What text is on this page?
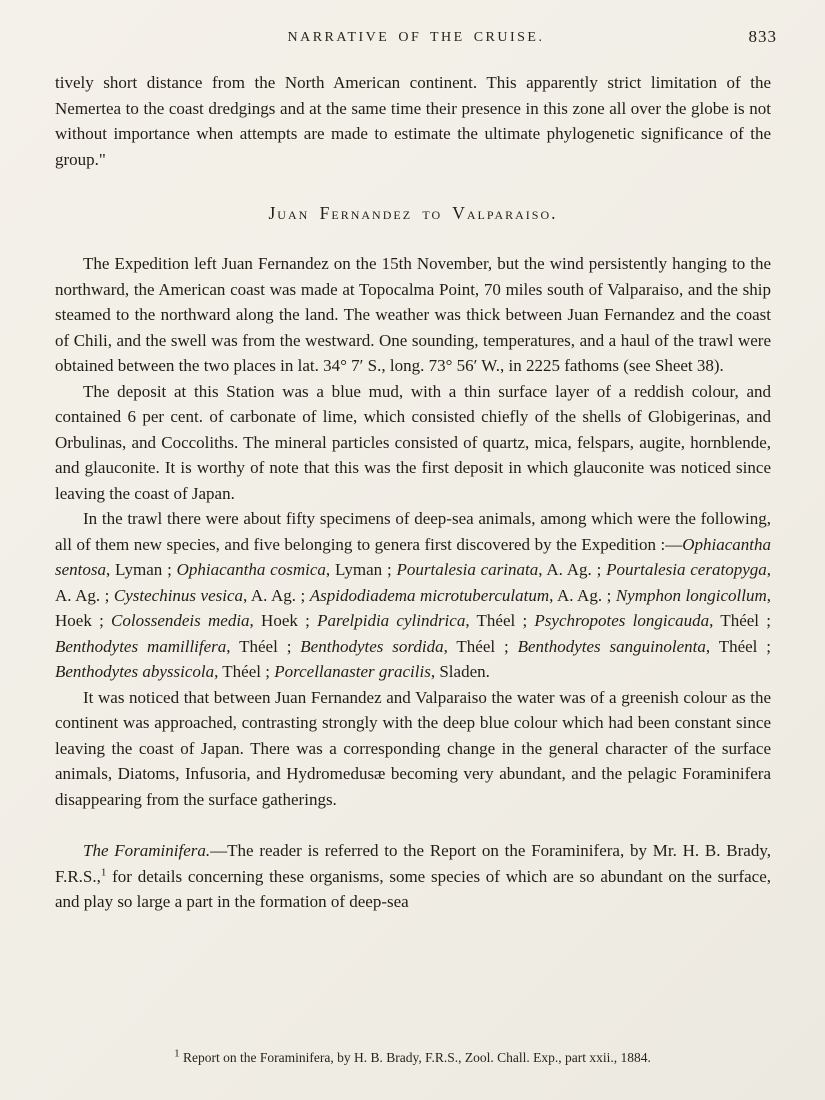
NARRATIVE OF THE CRUISE.	833

tively short distance from the North American continent. This apparently strict limitation of the Nemertea to the coast dredgings and at the same time their presence in this zone all over the globe is not without importance when attempts are made to estimate the ultimate phylogenetic significance of the group."

Juan Fernandez to Valparaiso.

The Expedition left Juan Fernandez on the 15th November, but the wind persistently hanging to the northward, the American coast was made at Topocalma Point, 70 miles south of Valparaiso, and the ship steamed to the northward along the land. The weather was thick between Juan Fernandez and the coast of Chili, and the swell was from the westward. One sounding, temperatures, and a haul of the trawl were obtained between the two places in lat. 34° 7′ S., long. 73° 56′ W., in 2225 fathoms (see Sheet 38).

The deposit at this Station was a blue mud, with a thin surface layer of a reddish colour, and contained 6 per cent. of carbonate of lime, which consisted chiefly of the shells of Globigerinas, and Orbulinas, and Coccoliths. The mineral particles consisted of quartz, mica, felspars, augite, hornblende, and glauconite. It is worthy of note that this was the first deposit in which glauconite was noticed since leaving the coast of Japan.

In the trawl there were about fifty specimens of deep-sea animals, among which were the following, all of them new species, and five belonging to genera first discovered by the Expedition :—Ophiacantha sentosa, Lyman ; Ophiacantha cosmica, Lyman ; Pourtalesia carinata, A. Ag. ; Pourtalesia ceratopyga, A. Ag. ; Cystechinus vesica, A. Ag. ; Aspidodiadema microtuberculatum, A. Ag. ; Nymphon longicollum, Hoek ; Colossendeis media, Hoek ; Parelpidia cylindrica, Théel ; Psychropotes longicauda, Théel ; Benthodytes mamillifera, Théel ; Benthodytes sordida, Théel ; Benthodytes sanguinolenta, Théel ; Benthodytes abyssicola, Théel ; Porcellanaster gracilis, Sladen.

It was noticed that between Juan Fernandez and Valparaiso the water was of a greenish colour as the continent was approached, contrasting strongly with the deep blue colour which had been constant since leaving the coast of Japan. There was a corresponding change in the general character of the surface animals, Diatoms, Infusoria, and Hydromedusæ becoming very abundant, and the pelagic Foraminifera disappearing from the surface gatherings.

The Foraminifera.—The reader is referred to the Report on the Foraminifera, by Mr. H. B. Brady, F.R.S.,$^1$ for details concerning these organisms, some species of which are so abundant on the surface, and play so large a part in the formation of deep-sea

$^1$ Report on the Foraminifera, by H. B. Brady, F.R.S., Zool. Chall. Exp., part xxii., 1884.
